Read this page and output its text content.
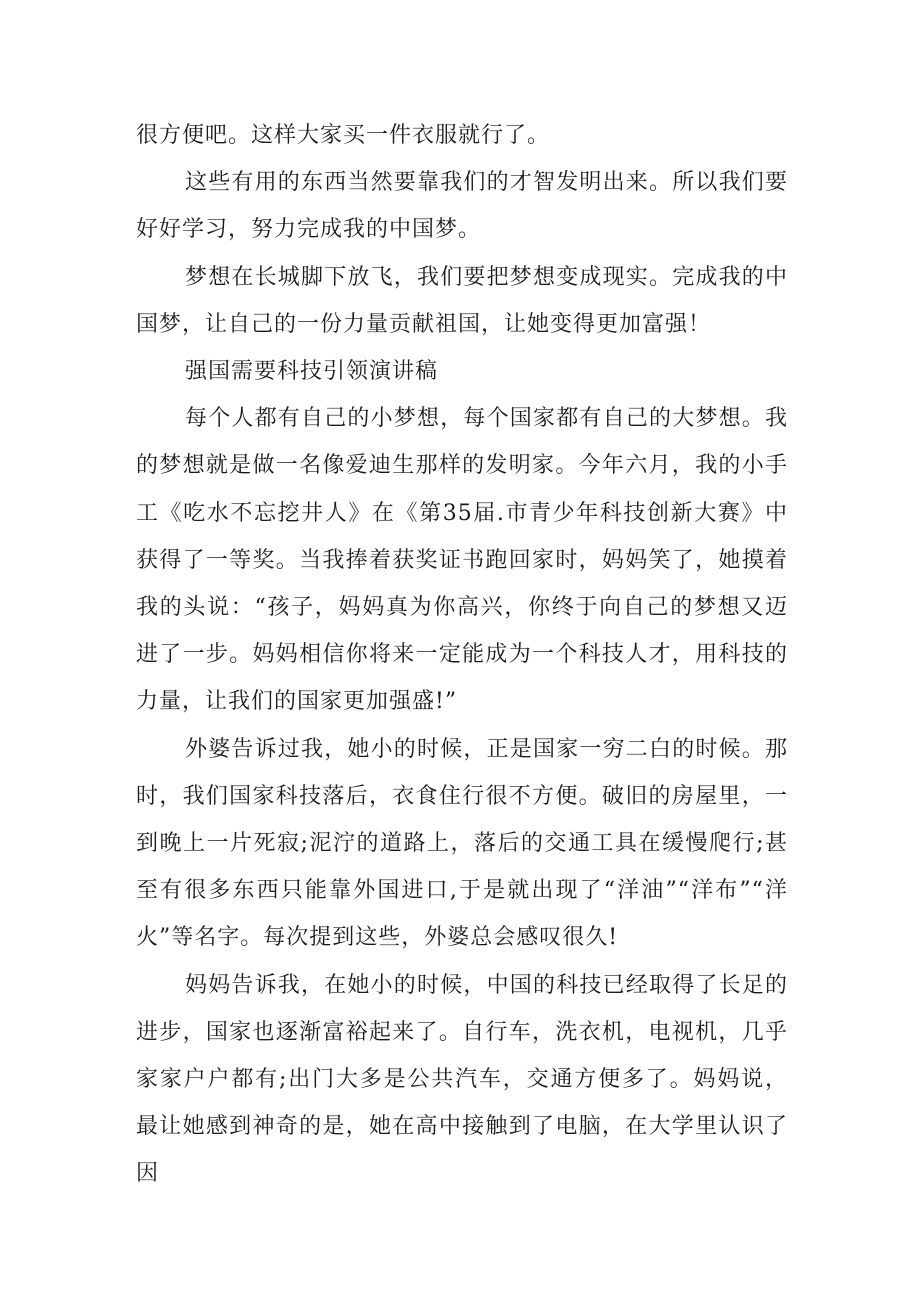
很方便吧。这样大家买一件衣服就行了。

这些有用的东西当然要靠我们的才智发明出来。所以我们要好好学习，努力完成我的中国梦。

梦想在长城脚下放飞，我们要把梦想变成现实。完成我的中国梦，让自己的一份力量贡献祖国，让她变得更加富强！

强国需要科技引领演讲稿

每个人都有自己的小梦想，每个国家都有自己的大梦想。我的梦想就是做一名像爱迪生那样的发明家。今年六月，我的小手工《吃水不忘挖井人》在《第35届.市青少年科技创新大赛》中获得了一等奖。当我捧着获奖证书跑回家时，妈妈笑了，她摸着我的头说：“孩子，妈妈真为你高兴，你终于向自己的梦想又迈进了一步。妈妈相信你将来一定能成为一个科技人才，用科技的力量，让我们的国家更加强盛!”

外婆告诉过我，她小的时候，正是国家一穷二白的时候。那时，我们国家科技落后，衣食住行很不方便。破旧的房屋里，一到晚上一片死寂;泥泞的道路上，落后的交通工具在缓慢爬行;甚至有很多东西只能靠外国进口,于是就出现了“洋油”“洋布”“洋火”等名字。每次提到这些，外婆总会感叹很久!

妈妈告诉我，在她小的时候，中国的科技已经取得了长足的进步，国家也逐渐富裕起来了。自行车，洗衣机，电视机，几乎家家户户都有;出门大多是公共汽车，交通方便多了。妈妈说，最让她感到神奇的是，她在高中接触到了电脑，在大学里认识了因
